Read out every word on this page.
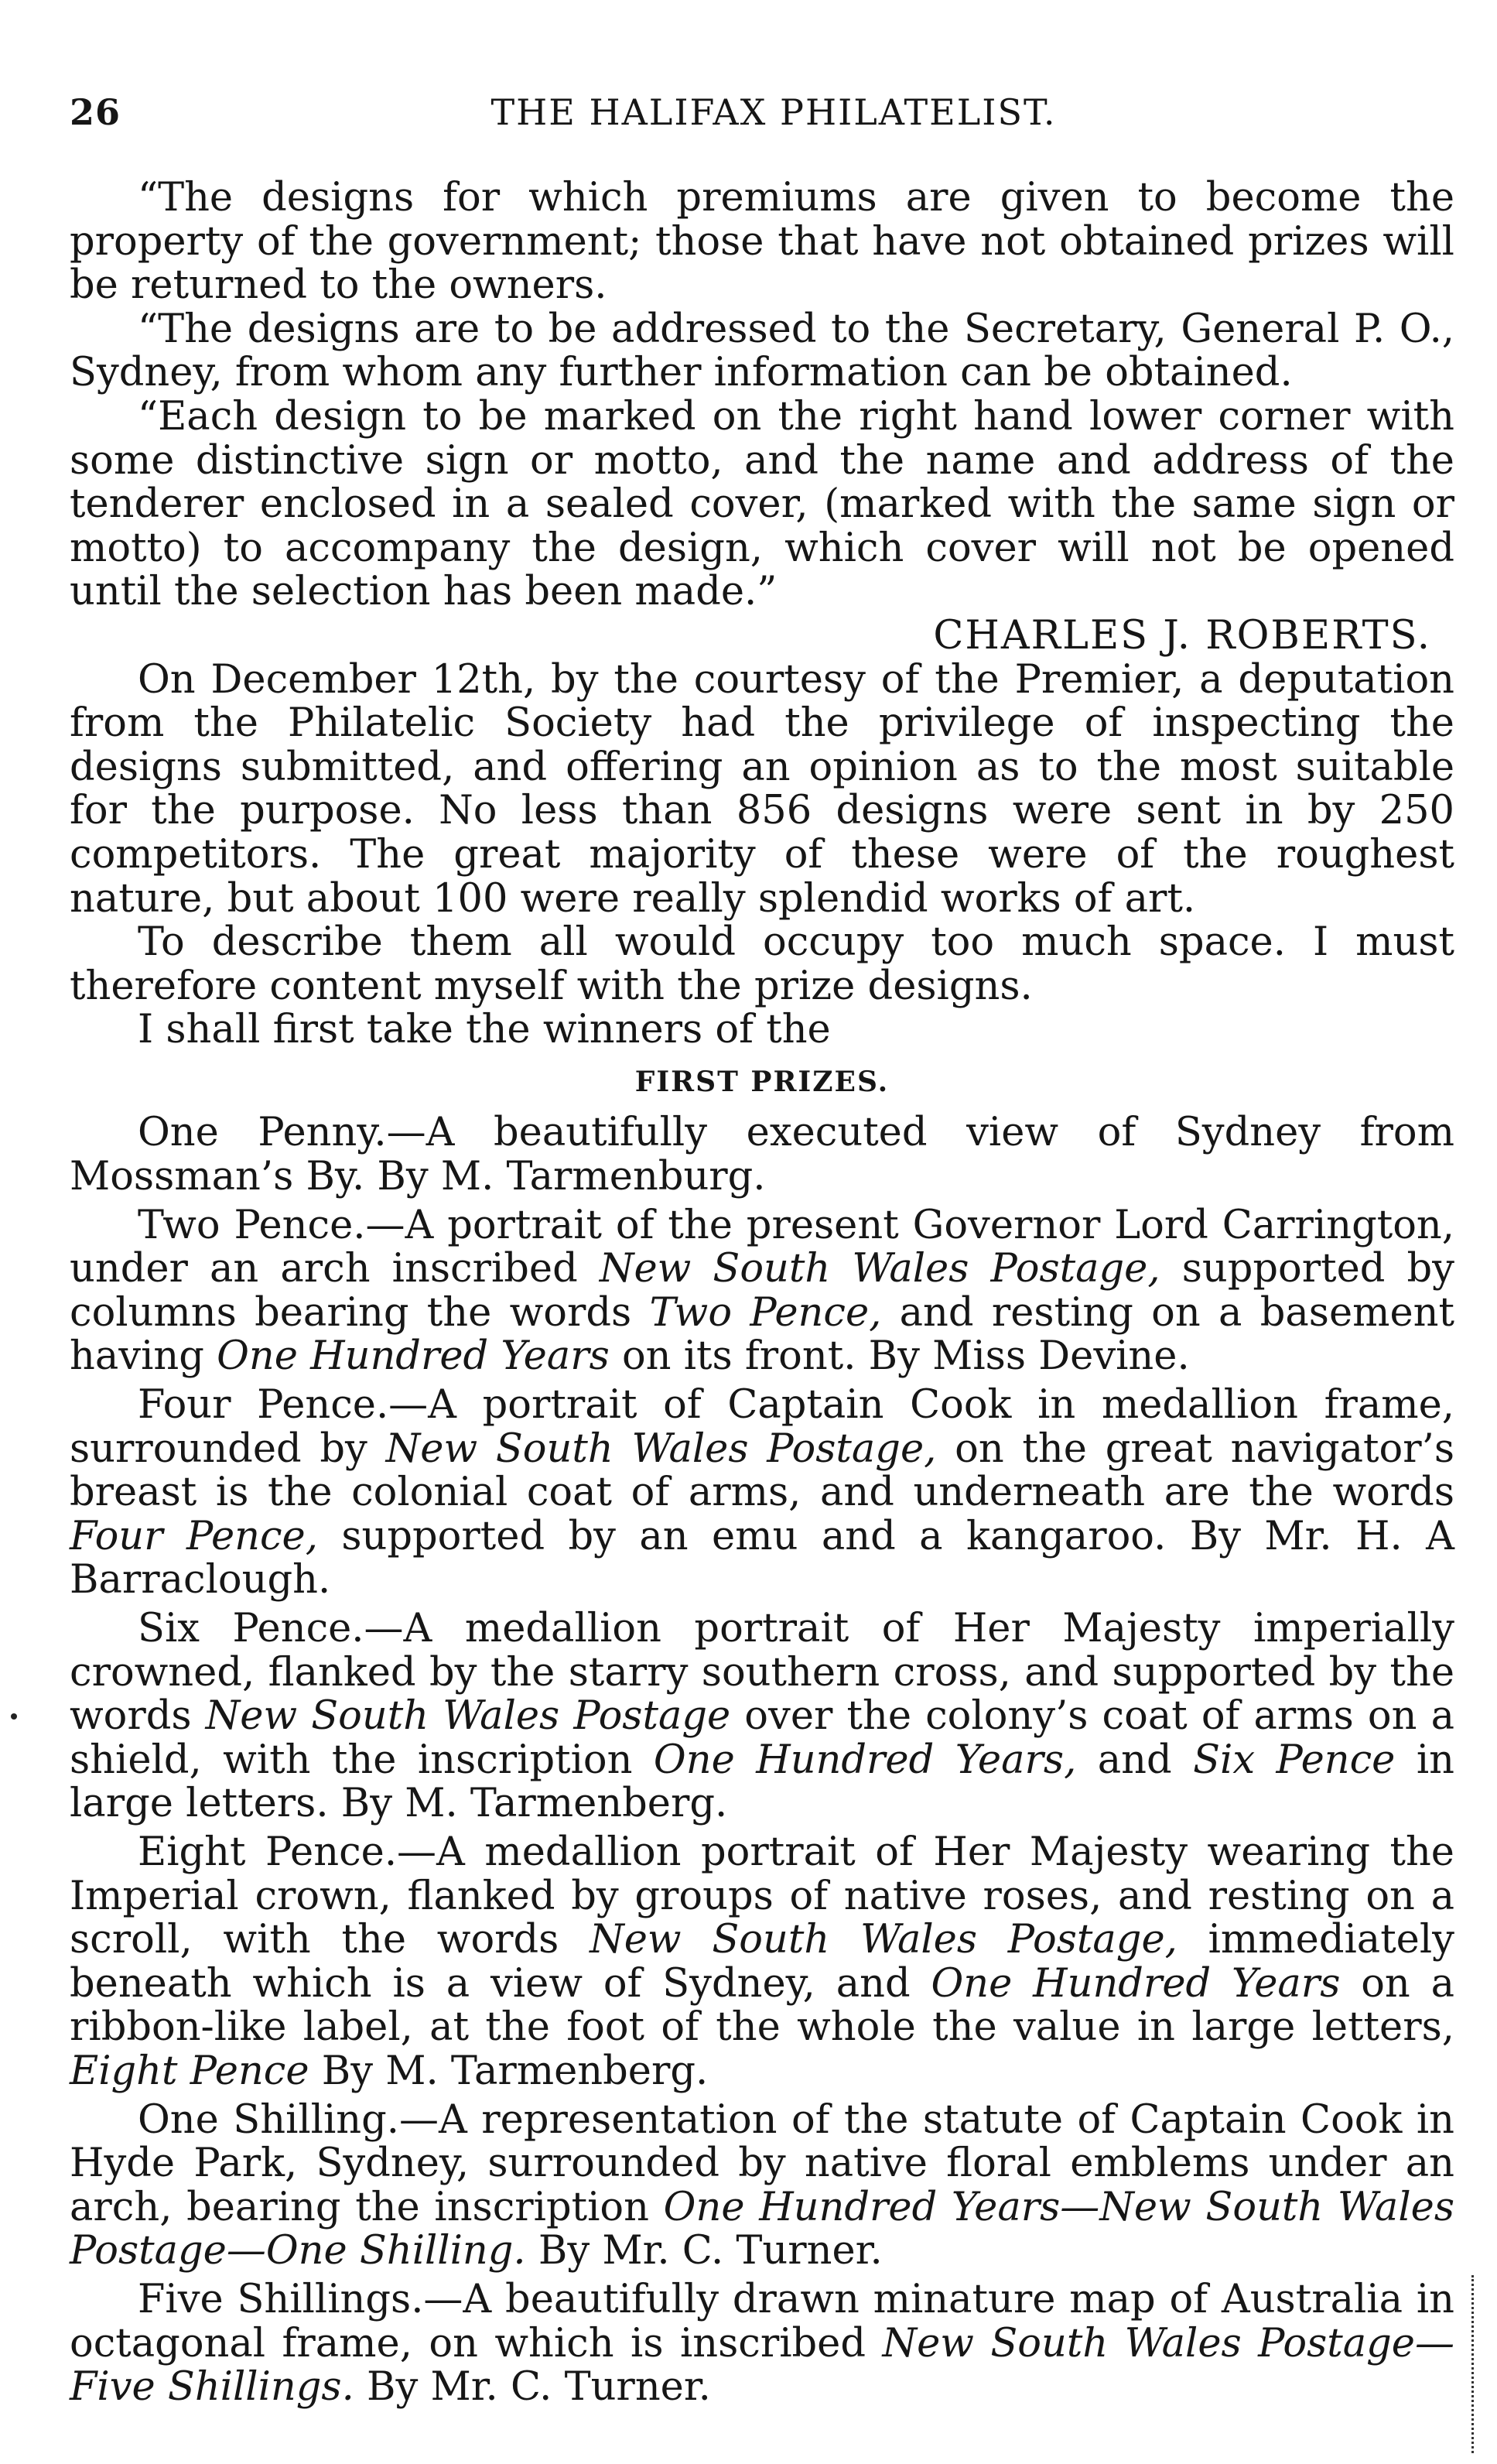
26	THE HALIFAX PHILATELIST.

“The designs for which premiums are given to become the property of the government; those that have not obtained prizes will be returned to the owners.

“The designs are to be addressed to the Secretary, General P. O., Sydney, from whom any further information can be obtained.

“Each design to be marked on the right hand lower corner with some distinctive sign or motto, and the name and address of the tenderer enclosed in a sealed cover, (marked with the same sign or motto) to accompany the design, which cover will not be opened until the selection has been made.”

CHARLES J. ROBERTS.

On December 12th, by the courtesy of the Premier, a deputation from the Philatelic Society had the privilege of inspecting the designs submitted, and offering an opinion as to the most suitable for the purpose. No less than 856 designs were sent in by 250 competitors. The great majority of these were of the roughest nature, but about 100 were really splendid works of art.

To describe them all would occupy too much space. I must therefore content myself with the prize designs.

I shall first take the winners of the

FIRST PRIZES.

One Penny.—A beautifully executed view of Sydney from Mossman’s By. By M. Tarmenburg.

Two Pence.—A portrait of the present Governor Lord Carrington, under an arch inscribed New South Wales Postage, supported by columns bearing the words Two Pence, and resting on a basement having One Hundred Years on its front. By Miss Devine.

Four Pence.—A portrait of Captain Cook in medallion frame, surrounded by New South Wales Postage, on the great navigator’s breast is the colonial coat of arms, and underneath are the words Four Pence, supported by an emu and a kangaroo. By Mr. H. A Barraclough.

Six Pence.—A medallion portrait of Her Majesty imperially crowned, flanked by the starry southern cross, and supported by the words New South Wales Postage over the colony’s coat of arms on a shield, with the inscription One Hundred Years, and Six Pence in large letters. By M. Tarmenberg.

Eight Pence.—A medallion portrait of Her Majesty wearing the Imperial crown, flanked by groups of native roses, and resting on a scroll, with the words New South Wales Postage, immediately beneath which is a view of Sydney, and One Hundred Years on a ribbon-like label, at the foot of the whole the value in large letters, Eight Pence By M. Tarmenberg.

One Shilling.—A representation of the statute of Captain Cook in Hyde Park, Sydney, surrounded by native floral emblems under an arch, bearing the inscription One Hundred Years—New South Wales Postage—One Shilling. By Mr. C. Turner.

Five Shillings.—A beautifully drawn minature map of Australia in octagonal frame, on which is inscribed New South Wales Postage—Five Shillings. By Mr. C. Turner.
